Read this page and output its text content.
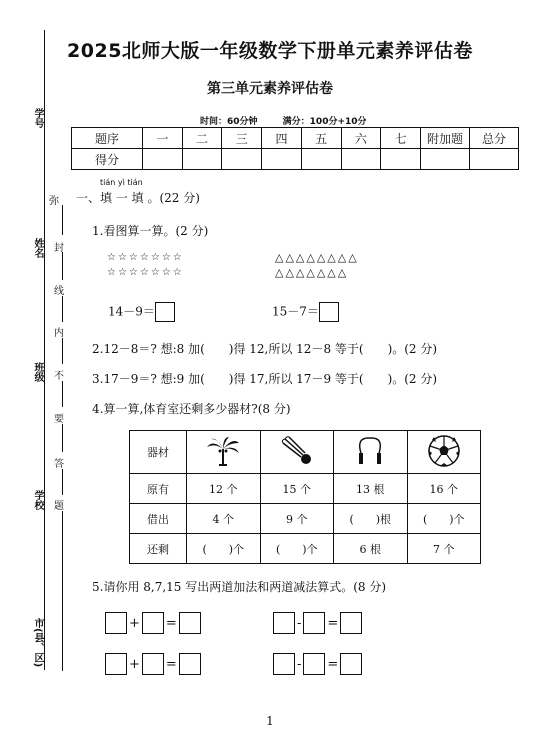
学号
姓名
班级
学校
市(县、区)
弥
封
线
内
不
要
答
题
2025北师大版一年级数学下册单元素养评估卷
第三单元素养评估卷
时间：60分钟	满分：100分+10分
题序	一	二	三	四	五	六	七	附加题	总分
得分									
tián yì tián
一、填 一 填 。(22 分)
1.看图算一算。(2 分)
☆☆☆☆☆☆☆
☆☆☆☆☆☆☆
△△△△△△△△
△△△△△△△
14－9＝	15－7＝
2.12－8＝? 想:8 加(　　)得 12,所以 12－8 等于(　　)。(2 分)
3.17－9＝? 想:9 加(　　)得 17,所以 17－9 等于(　　)。(2 分)
4.算一算,体育室还剩多少器材?(8 分)
器材				
原有	12 个	15 个	13 根	16 个
借出	4 个	9 个	(　　)根	(　　)个
还剩	(　　)个	(　　)个	6 根	7 个
5.请你用 8,7,15 写出两道加法和两道减法算式。(8 分)
+ =	- =
+ =	- =
1
